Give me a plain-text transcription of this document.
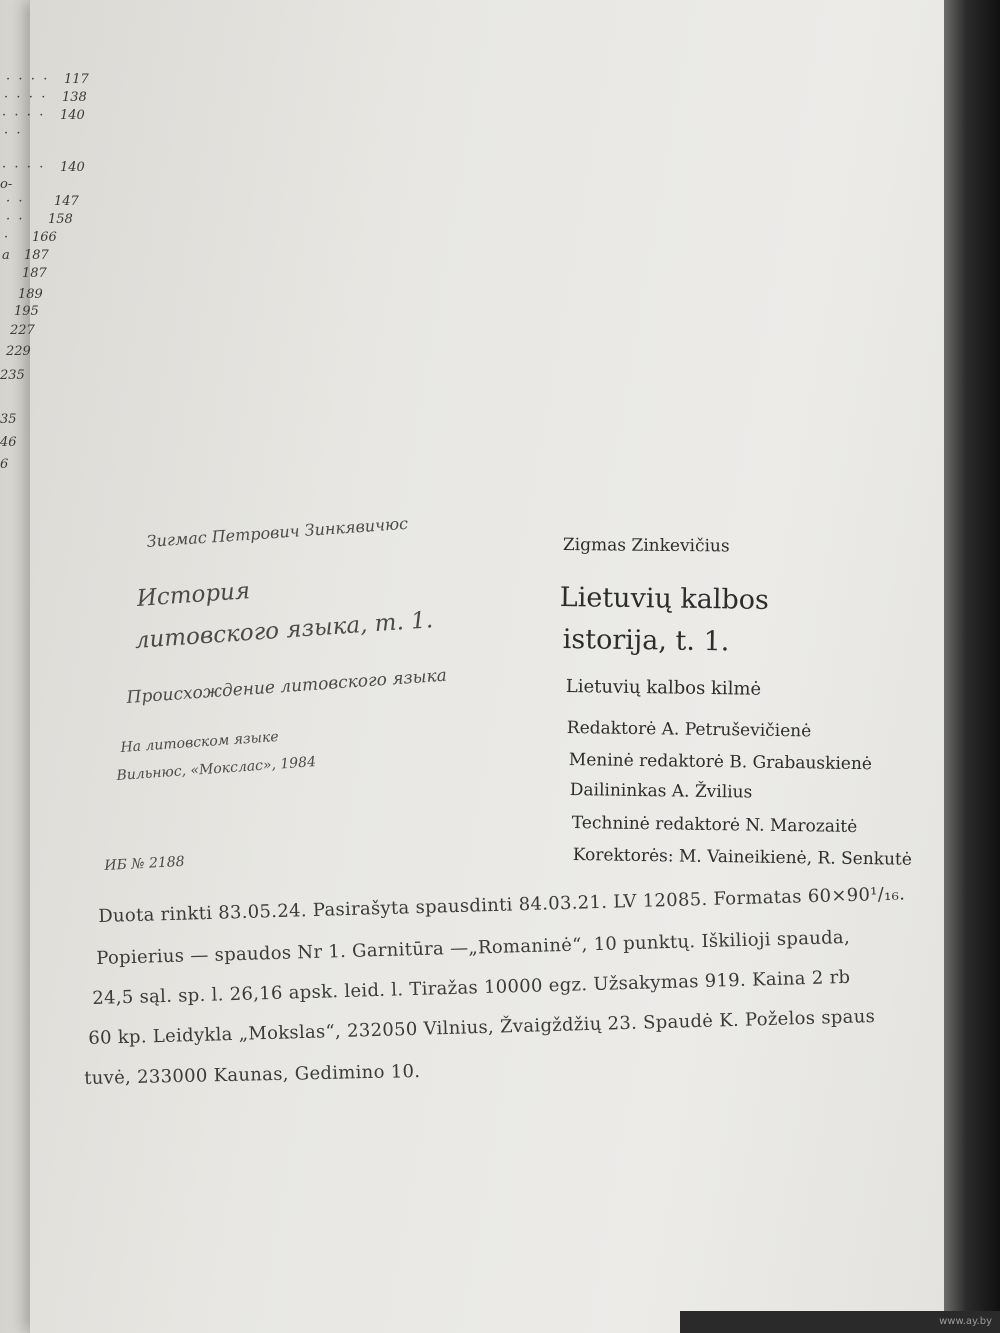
·  ·  ·  · 117
·  ·  ·  · 138
·  ·  ·  · 140
·  ·
·  ·  ·  · 140
о-
·  · 147
·  · 158
· 166
а 187
187
189
195
227
229
235
35
46
6
Зигмас Петрович Зинкявичюс
История
литовского языка, т. 1.
Происхождение литовского языка
На литовском языке
Вильнюс, «Мокслас», 1984
ИБ № 2188
Zigmas Zinkevičius
Lietuvių kalbos
istorija, t. 1.
Lietuvių kalbos kilmė
Redaktorė A. Petruševičienė
Meninė redaktorė B. Grabauskienė
Dailininkas A. Žvilius
Techninė redaktorė N. Marozaitė
Korektorės: M. Vaineikienė, R. Senkutė
Duota rinkti 83.05.24. Pasirašyta spausdinti 84.03.21. LV 12085. Formatas 60×90¹/₁₆.
Popierius — spaudos Nr 1. Garnitūra —„Romaninė“, 10 punktų. Iškilioji spauda,
24,5 sąl. sp. l. 26,16 apsk. leid. l. Tiražas 10000 egz. Užsakymas 919. Kaina 2 rb
60 kp. Leidykla „Mokslas“, 232050 Vilnius, Žvaigždžių 23. Spaudė K. Poželos spaus
tuvė, 233000 Kaunas, Gedimino 10.
www.ay.by
